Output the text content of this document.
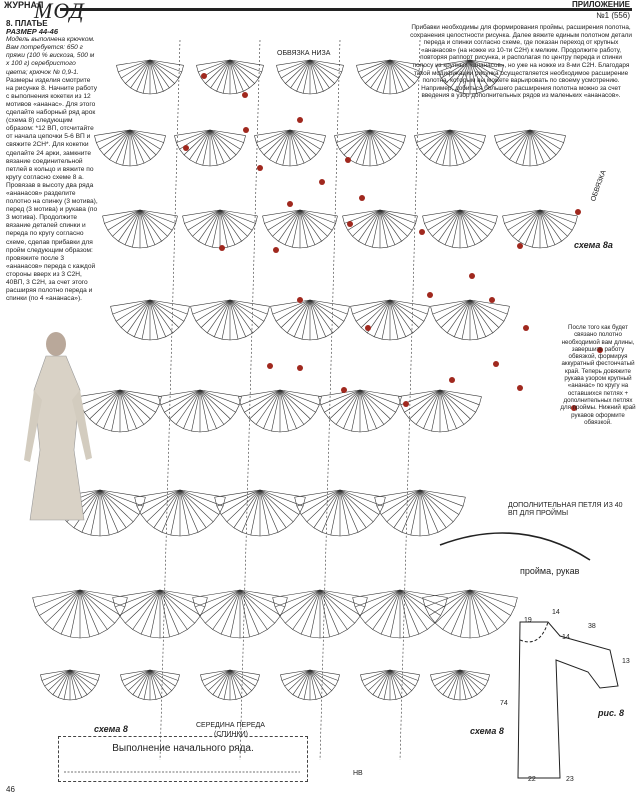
ЖУРНАЛ
МОД	ПРИЛОЖЕНИЕ
№1 (556)
8. ПЛАТЬЕ
РАЗМЕР 44-46
Модель выполнена крючком.
Вам потребуется: 650 г пряжи (100 % вискоза, 500 м х 100 г) серебристого цвета; крючок № 0,9-1.
Размеры изделия смотрите на рисунке 8. Начните работу с выполнения кокетки из 12 мотивов «ананас». Для этого сделайте наборный ряд арок (схема 8) следующим образом: *12 ВП, отсчитайте от начала цепочки 5-6 ВП и свяжите 2СН*. Для кокетки сделайте 24 арки, замкните вязание соединительной петлей в кольцо и вяжите по кругу согласно схеме 8 а. Провязав в высоту два ряда «ананасов» разделите полотно на спинку (3 мотива), перед (3 мотива) и рукава (по 3 мотива). Продолжите вязание деталей спинки и переда по кругу согласно схеме, сделав прибавки для пройм следующим образом: провяжите после 3 «ананасов» переда с каждой стороны вверх из 3 С2Н, 40ВП, 3 С2Н, за счет этого расширяя полотно переда и спинки (по 4 «ананаса»).
Прибавки необходимы для формирования проймы, расширения полотна, сохранения целостности рисунка. Далее вяжите единым полотном детали переда и спинки согласно схеме, где показан переход от крупных «ананасов» (на ножке из 10-ти С2Н) к мелким. Продолжите работу, повторяя раппорт рисунка, и располагая по центру переда и спинки полосу из крупных «ананасов», но уже на ножке из 8-ми С2Н. Благодаря такой модификации рисунка осуществляется необходимое расширение полотна, которым вы можете варьировать по своему усмотрению. Например, добиться большего расширения полотна можно за счет введения в узор дополнительных рядов из маленьких «ананасов».
После того как будет связано полотно необходимой вам длины, завершите работу обвязкой, формируя аккуратный фестончатый край. Теперь довяжите рукава узором крупный «ананас» по кругу на оставшихся петлях + дополнительных петлях для проймы. Нижний край рукавов оформите обвязкой.
ОБВЯЗКА НИЗА
ОБВЯЗКА
схема 8а
ДОПОЛНИТЕЛЬНАЯ ПЕТЛЯ ИЗ 40 ВП ДЛЯ ПРОЙМЫ
пройма, рукав
схема 8	схема 8
СЕРЕДИНА ПЕРЕДА
(СПИНКИ)
НВ
Выполнение начального ряда.
рис. 8
19
14
14
38
13
74
22	23
46
